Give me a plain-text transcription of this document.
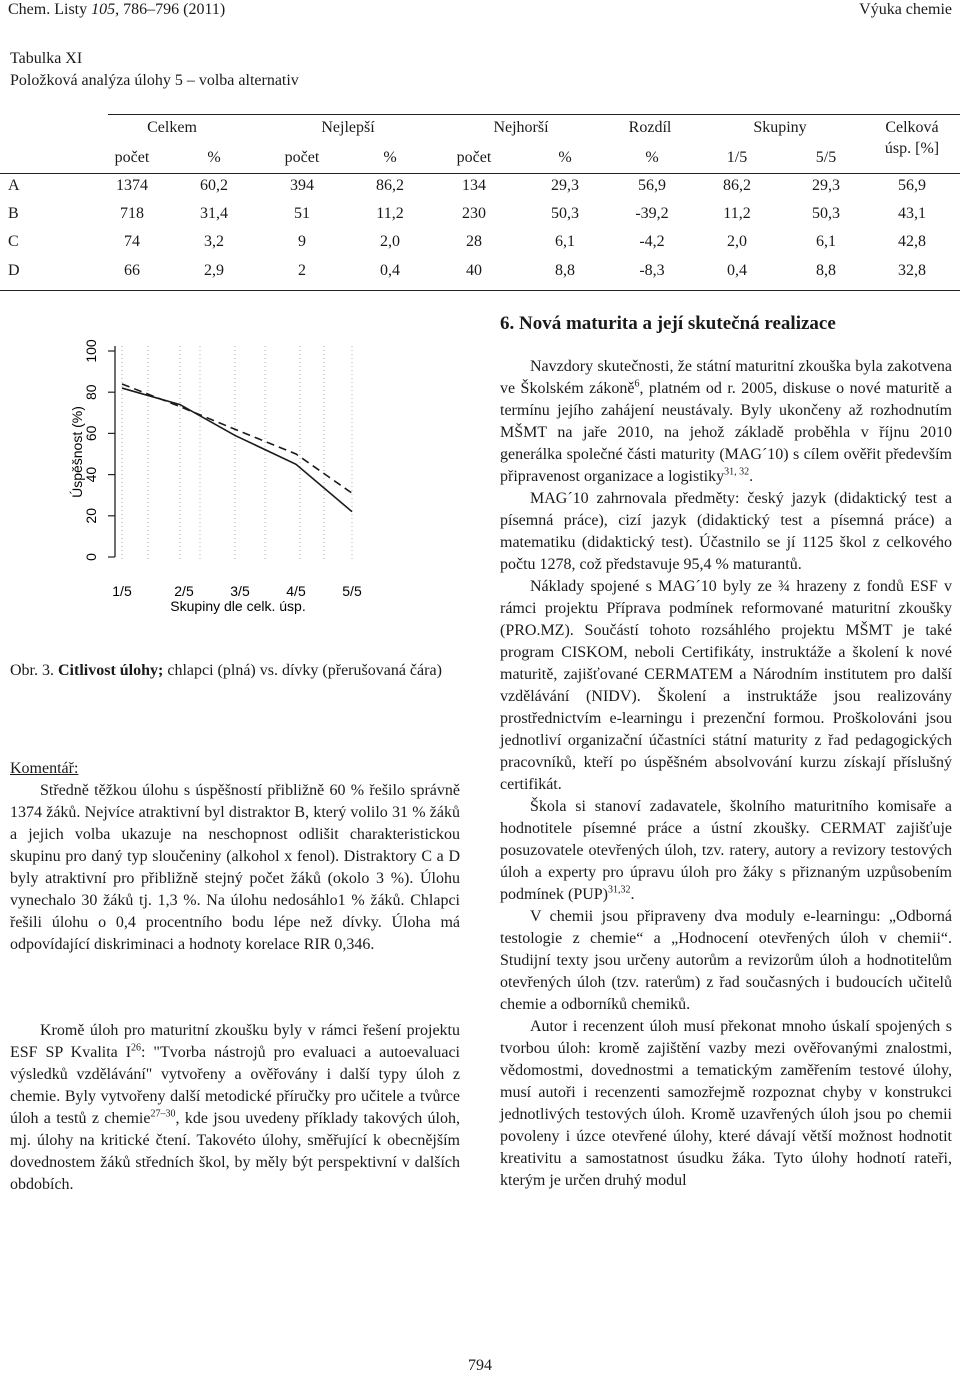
Chem. Listy 105, 786–796 (2011)	Výuka chemie
Tabulka XI
Položková analýza úlohy 5 – volba alternativ
Celkem	Nejlepší	Nejhorší	Rozdíl	Skupiny	Celková
úsp. [%]
počet	%	počet	%	počet	%	%	1/5	5/5
A	1374	60,2	394	86,2	134	29,3	56,9	86,2	29,3	56,9
B	718	31,4	51	11,2	230	50,3	-39,2	11,2	50,3	43,1
C	74	3,2	9	2,0	28	6,1	-4,2	2,0	6,1	42,8
D	66	2,9	2	0,4	40	8,8	-8,3	0,4	8,8	32,8
0
20
40
60
80
100
1/5	2/5	3/5	4/5	5/5
Úspěšnost (%)
Skupiny dle celk. úsp.
Obr. 3. Citlivost úlohy; chlapci (plná) vs. dívky (přerušovaná čára)
Komentář:

Středně těžkou úlohu s úspěšností přibližně 60 % řešilo správně 1374 žáků. Nejvíce atraktivní byl distraktor B, který volilo 31 % žáků a jejich volba ukazuje na neschopnost odlišit charakteristickou skupinu pro daný typ sloučeniny (alkohol x fenol). Distraktory C a D byly atraktivní pro přibližně stejný počet žáků (okolo 3 %). Úlohu vynechalo 30 žáků tj. 1,3 %. Na úlohu nedosáhlo1 % žáků. Chlapci řešili úlohu o 0,4 procentního bodu lépe než dívky. Úloha má odpovídající diskriminaci a hodnoty korelace RIR 0,346.

Kromě úloh pro maturitní zkoušku byly v rámci řešení projektu ESF SP Kvalita $I^{26}$: "Tvorba nástrojů pro evaluaci a autoevaluaci výsledků vzdělávání" vytvořeny a ověřovány i další typy úloh z chemie. Byly vytvořeny další metodické příručky pro učitele a tvůrce úloh a testů z chemie$^{27-30}$, kde jsou uvedeny příklady takových úloh, mj. úlohy na kritické čtení. Takovéto úlohy, směřující k obecnějším dovednostem žáků středních škol, by měly být perspektivní v dalších obdobích.

6. Nová maturita a její skutečná realizace

Navzdory skutečnosti, že státní maturitní zkouška byla zakotvena ve Školském zákoně$^6$, platném od r. 2005, diskuse o nové maturitě a termínu jejího zahájení neustávaly. Byly ukončeny až rozhodnutím MŠMT na jaře 2010, na jehož základě proběhla v říjnu 2010 generálka společné části maturity (MAG´10) s cílem ověřit především připravenost organizace a logistiky$^{31, 32}$.

MAG´10 zahrnovala předměty: český jazyk (didaktický test a písemná práce), cizí jazyk (didaktický test a písemná práce) a matematiku (didaktický test). Účastnilo se jí 1125 škol z celkového počtu 1278, což představuje 95,4 % maturantů.

Náklady spojené s MAG´10 byly ze ¾ hrazeny z fondů ESF v rámci projektu Příprava podmínek reformované maturitní zkoušky (PRO.MZ). Součástí tohoto rozsáhlého projektu MŠMT je také program CISKOM, neboli Certifikáty, instruktáže a školení k nové maturitě, zajišťované CERMATEM a Národním institutem pro další vzdělávání (NIDV). Školení a instruktáže jsou realizovány prostřednictvím e-learningu i prezenční formou. Proškolováni jsou jednotliví organizační účastníci státní maturity z řad pedagogických pracovníků, kteří po úspěšném absolvování kurzu získají příslušný certifikát.

Škola si stanoví zadavatele, školního maturitního komisaře a hodnotitele písemné práce a ústní zkoušky. CERMAT zajišťuje posuzovatele otevřených úloh, tzv. ratery, autory a revizory testových úloh a experty pro úpravu úloh pro žáky s přiznaným uzpůsobením podmínek (PUP)$^{31,32}$.

V chemii jsou připraveny dva moduly e-learningu: „Odborná testologie z chemie“ a „Hodnocení otevřených úloh v chemii“. Studijní texty jsou určeny autorům a revizorům úloh a hodnotitelům otevřených úloh (tzv. raterům) z řad současných i budoucích učitelů chemie a odborníků chemiků.

Autor i recenzent úloh musí překonat mnoho úskalí spojených s tvorbou úloh: kromě zajištění vazby mezi ověřovanými znalostmi, vědomostmi, dovednostmi a tematickým zaměřením testové úlohy, musí autoři i recenzenti samozřejmě rozpoznat chyby v konstrukci jednotlivých testových úloh. Kromě uzavřených úloh jsou po chemii povoleny i úzce otevřené úlohy, které dávají větší možnost hodnotit kreativitu a samostatnost úsudku žáka. Tyto úlohy hodnotí rateři, kterým je určen druhý modul

794
